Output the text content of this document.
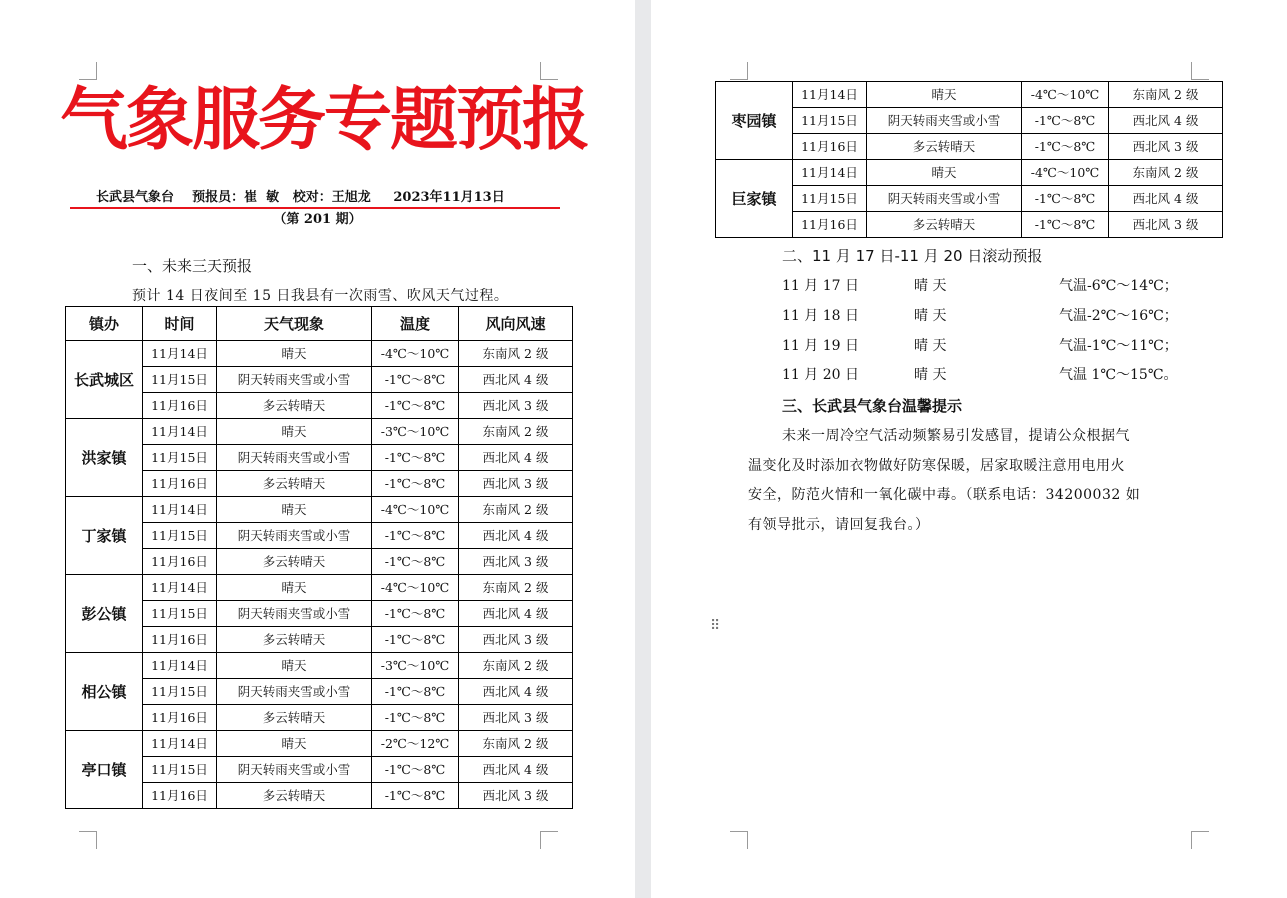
气象服务专题预报
长武县气象台    预报员：崔  敏   校对：王旭龙     2023年11月13日
（第 201 期）
一、未来三天预报
预计 14 日夜间至 15 日我县有一次雨雪、吹风天气过程。
镇办	时间	天气现象	温度	风向风速
长武城区	11月14日	晴天	-4℃～10℃	东南风 2 级
	11月15日	阴天转雨夹雪或小雪	-1℃～8℃	西北风 4 级
	11月16日	多云转晴天	-1℃～8℃	西北风 3 级
洪家镇	11月14日	晴天	-3℃～10℃	东南风 2 级
	11月15日	阴天转雨夹雪或小雪	-1℃～8℃	西北风 4 级
	11月16日	多云转晴天	-1℃～8℃	西北风 3 级
丁家镇	11月14日	晴天	-4℃～10℃	东南风 2 级
	11月15日	阴天转雨夹雪或小雪	-1℃～8℃	西北风 4 级
	11月16日	多云转晴天	-1℃～8℃	西北风 3 级
彭公镇	11月14日	晴天	-4℃～10℃	东南风 2 级
	11月15日	阴天转雨夹雪或小雪	-1℃～8℃	西北风 4 级
	11月16日	多云转晴天	-1℃～8℃	西北风 3 级
相公镇	11月14日	晴天	-3℃～10℃	东南风 2 级
	11月15日	阴天转雨夹雪或小雪	-1℃～8℃	西北风 4 级
	11月16日	多云转晴天	-1℃～8℃	西北风 3 级
亭口镇	11月14日	晴天	-2℃～12℃	东南风 2 级
	11月15日	阴天转雨夹雪或小雪	-1℃～8℃	西北风 4 级
	11月16日	多云转晴天	-1℃～8℃	西北风 3 级
枣园镇	11月14日	晴天	-4℃～10℃	东南风 2 级
	11月15日	阴天转雨夹雪或小雪	-1℃～8℃	西北风 4 级
	11月16日	多云转晴天	-1℃～8℃	西北风 3 级
巨家镇	11月14日	晴天	-4℃～10℃	东南风 2 级
	11月15日	阴天转雨夹雪或小雪	-1℃～8℃	西北风 4 级
	11月16日	多云转晴天	-1℃～8℃	西北风 3 级
二、11 月 17 日-11 月 20 日滚动预报
11 月 17 日	晴 天	气温-6℃～14℃；
11 月 18 日	晴 天	气温-2℃～16℃；
11 月 19 日	晴 天	气温-1℃～11℃；
11 月 20 日	晴 天	气温 1℃～15℃。
三、长武县气象台温馨提示
未来一周冷空气活动频繁易引发感冒，提请公众根据气
温变化及时添加衣物做好防寒保暖，居家取暖注意用电用火
安全，防范火情和一氧化碳中毒。（联系电话：34200032 如
有领导批示，请回复我台。）
⠿
